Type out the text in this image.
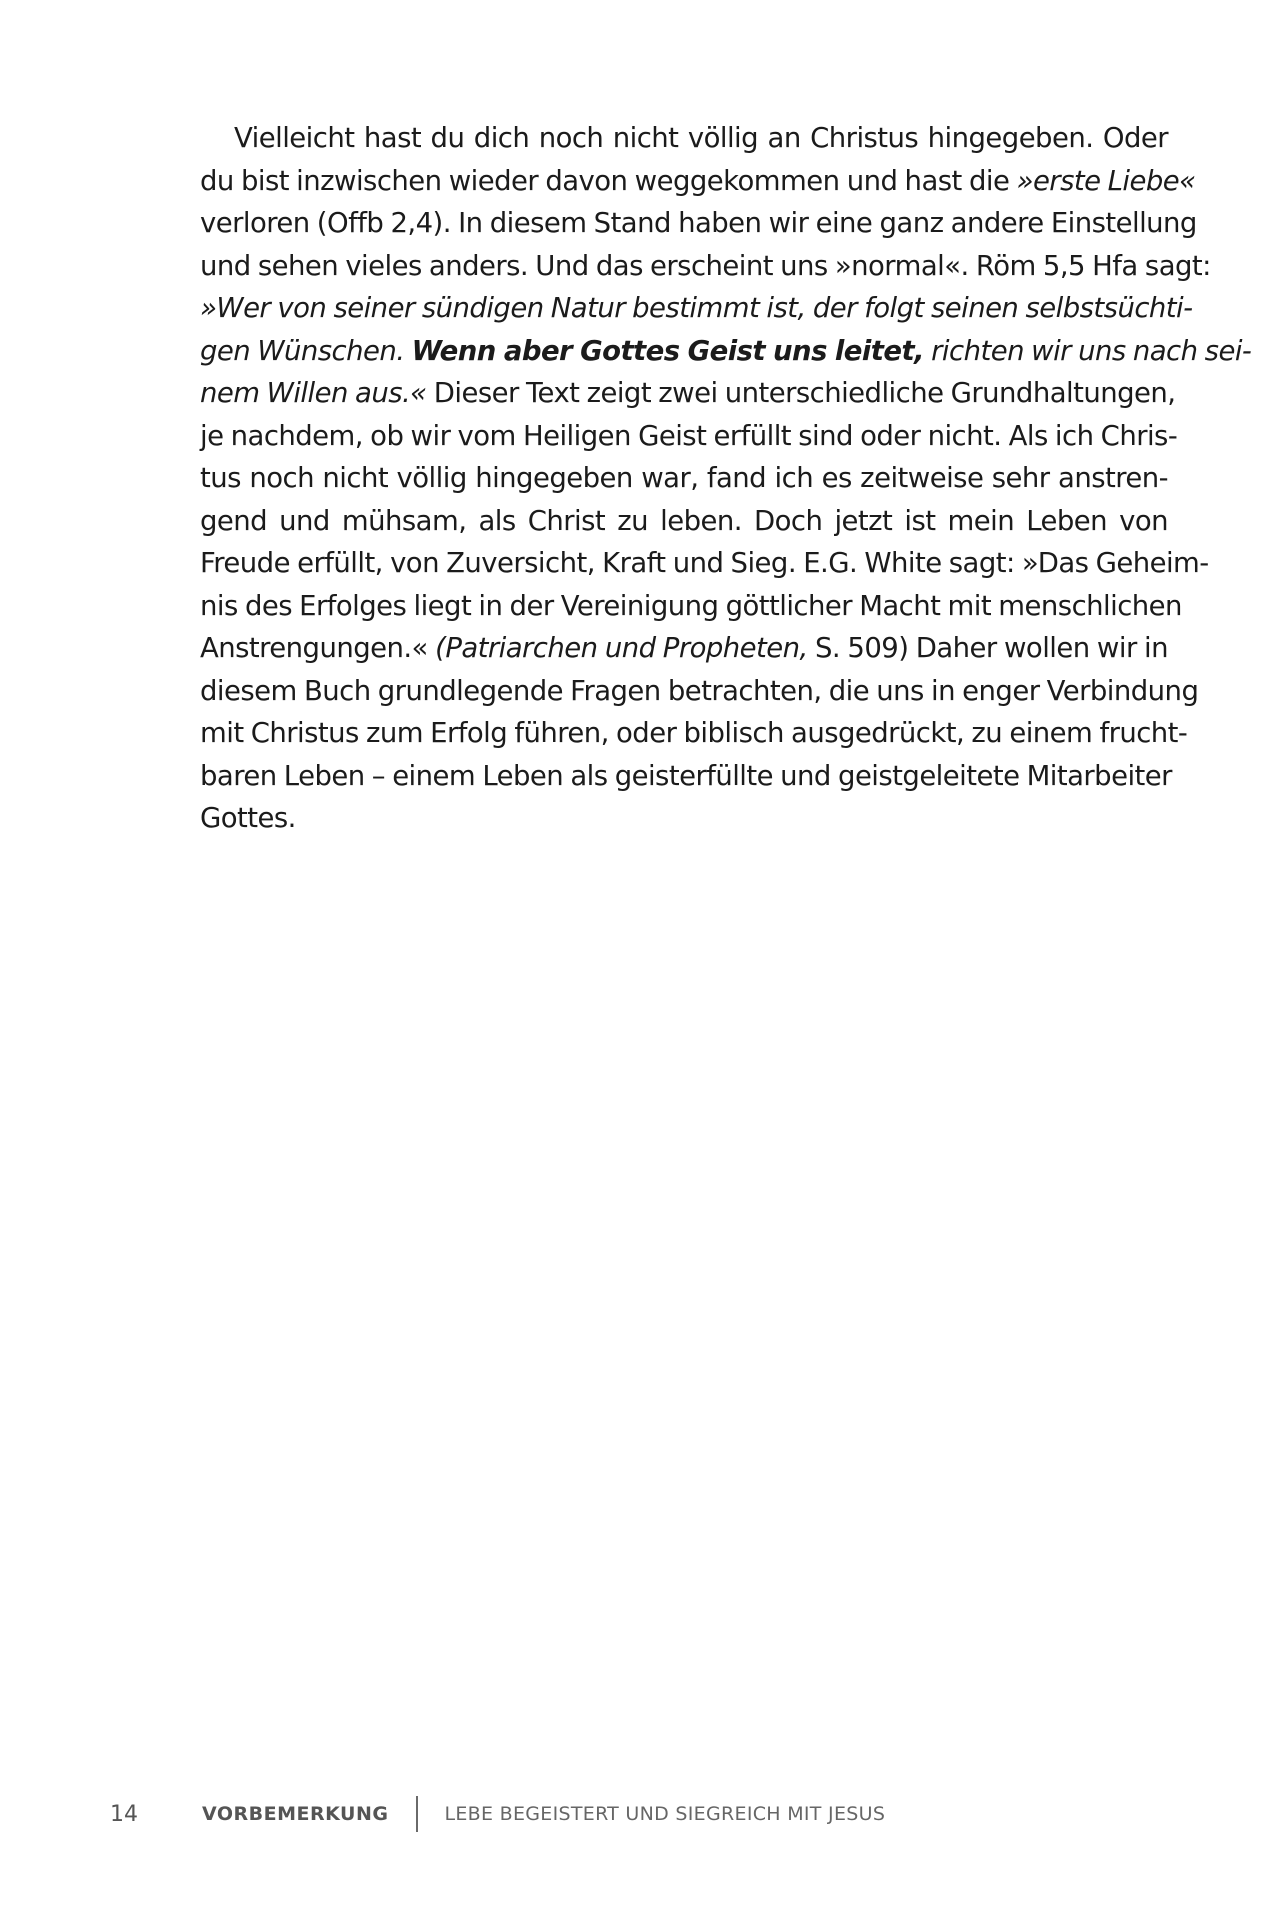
Vielleicht hast du dich noch nicht völlig an Christus hingegeben. Oder
du bist inzwischen wieder davon weggekommen und hast die »erste Liebe«
verloren (Offb 2,4). In diesem Stand haben wir eine ganz andere Einstellung
und sehen vieles anders. Und das erscheint uns »normal«. Röm 5,5 Hfa sagt:
»Wer von seiner sündigen Natur bestimmt ist, der folgt seinen selbstsüchti-
gen Wünschen. Wenn aber Gottes Geist uns leitet, richten wir uns nach sei-
nem Willen aus.« Dieser Text zeigt zwei unterschiedliche Grundhaltungen,
je nachdem, ob wir vom Heiligen Geist erfüllt sind oder nicht. Als ich Chris-
tus noch nicht völlig hingegeben war, fand ich es zeitweise sehr anstren-
gend und mühsam, als Christ zu leben. Doch jetzt ist mein Leben von
Freude erfüllt, von Zuversicht, Kraft und Sieg. E.G. White sagt: »Das Geheim-
nis des Erfolges liegt in der Vereinigung göttlicher Macht mit menschlichen
Anstrengungen.« (Patriarchen und Propheten, S. 509) Daher wollen wir in
diesem Buch grundlegende Fragen betrachten, die uns in enger Verbindung
mit Christus zum Erfolg führen, oder biblisch ausgedrückt, zu einem frucht-
baren Leben – einem Leben als geisterfüllte und geistgeleitete Mitarbeiter
Gottes.
14	VORBEMERKUNG	LEBE BEGEISTERT UND SIEGREICH MIT JESUS
